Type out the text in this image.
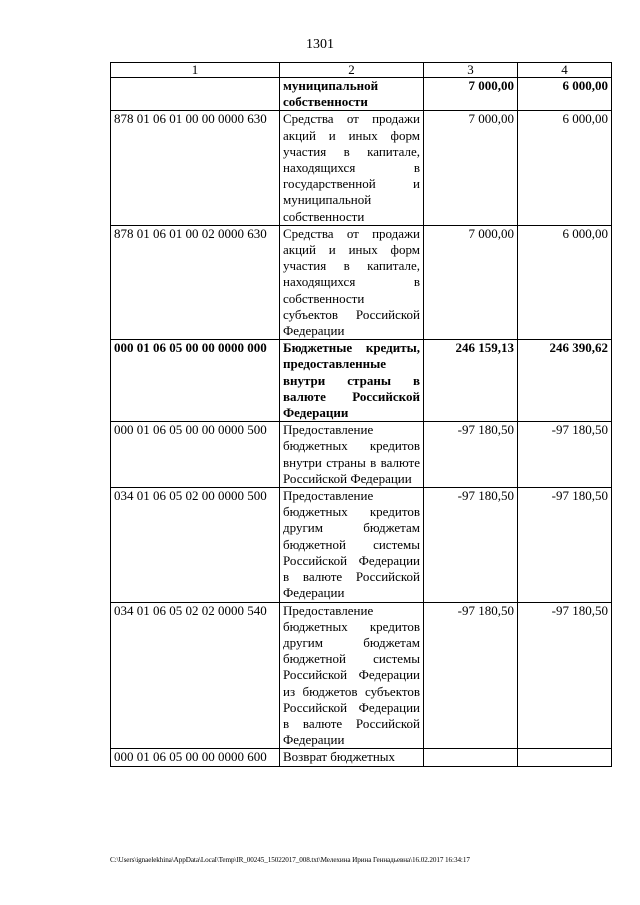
1301
1	2	3	4
	муниципальной собственности	7 000,00	6 000,00
878 01 06 01 00 00 0000 630	Средства от продажи акций и иных форм участия в капитале, находящихся в государственной и муниципальной собственности	7 000,00	6 000,00
878 01 06 01 00 02 0000 630	Средства от продажи акций и иных форм участия в капитале, находящихся в собственности субъектов Российской Федерации	7 000,00	6 000,00
000 01 06 05 00 00 0000 000	Бюджетные кредиты, предоставленные внутри страны в валюте Российской Федерации	246 159,13	246 390,62
000 01 06 05 00 00 0000 500	Предоставление бюджетных кредитов внутри страны в валюте Российской Федерации	-97 180,50	-97 180,50
034 01 06 05 02 00 0000 500	Предоставление бюджетных кредитов другим бюджетам бюджетной системы Российской Федерации в валюте Российской Федерации	-97 180,50	-97 180,50
034 01 06 05 02 02 0000 540	Предоставление бюджетных кредитов другим бюджетам бюджетной системы Российской Федерации из бюджетов субъектов Российской Федерации в валюте Российской Федерации	-97 180,50	-97 180,50
000 01 06 05 00 00 0000 600	Возврат бюджетных		
C:\Users\ignaelekhina\AppData\Local\Temp\IR_00245_15022017_008.txt\Мелехина Ирина Геннадьевна\16.02.2017 16:34:17
